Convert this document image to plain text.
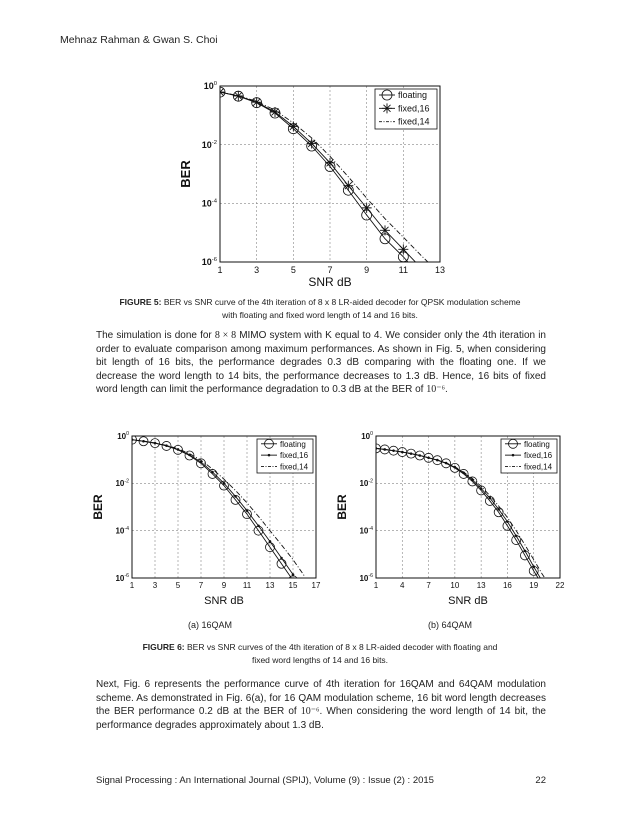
Mehnaz Rahman & Gwan S. Choi
1	3	5	7	9	11	13
$10^0$
$10^{-2}$
$10^{-4}$
$10^{-6}$
SNR dB
BER
floating
fixed,16
fixed,14
FIGURE 5: BER vs SNR curve of the 4th iteration of 8 x 8 LR-aided decoder for QPSK modulation scheme
with floating and fixed word length of 14 and 16 bits.
The simulation is done for 8 × 8 MIMO system with K equal to 4. We consider only the 4th iteration in order to evaluate comparison among maximum performances. As shown in Fig. 5, when considering bit length of 16 bits, the performance degrades 0.3 dB comparing with the floating one. If we decrease the word length to 14 bits, the performance decreases to 1.3 dB. Hence, 16 bits of fixed word length can limit the performance degradation to 0.3 dB at the BER of 10⁻⁶.
1 3 5 7 9 11 13 15 17
$10^0$
$10^{-2}$
$10^{-4}$
$10^{-6}$
SNR dB
BER
floating
fixed,16
fixed,14
1	4	7 10 13 16 19 22
$10^0$
$10^{-2}$
$10^{-4}$
$10^{-6}$
SNR dB
BER
floating
fixed,16
fixed,14
(a) 16QAM	(b) 64QAM
FIGURE 6: BER vs SNR curves of the 4th iteration of 8 x 8 LR-aided decoder with floating and
fixed word lengths of 14 and 16 bits.
Next, Fig. 6 represents the performance curve of 4th iteration for 16QAM and 64QAM modulation scheme. As demonstrated in Fig. 6(a), for 16 QAM modulation scheme, 16 bit word length decreases the BER performance 0.2 dB at the BER of 10⁻⁶. When considering the word length of 14 bit, the performance degrades approximately about 1.3 dB.
Signal Processing : An International Journal (SPIJ), Volume (9) : Issue (2) : 2015	22
